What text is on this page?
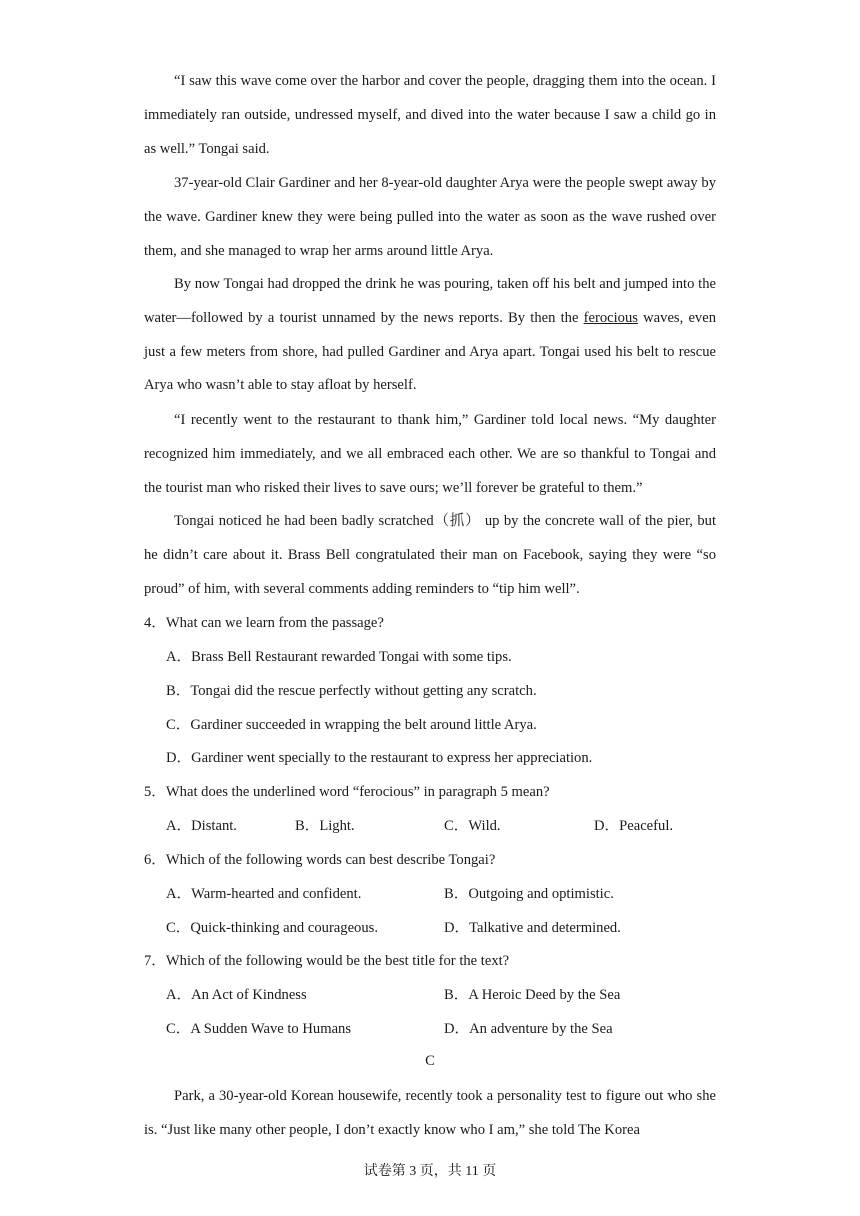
“I saw this wave come over the harbor and cover the people, dragging them into the ocean. I immediately ran outside, undressed myself, and dived into the water because I saw a child go in as well.” Tongai said.

37-year-old Clair Gardiner and her 8-year-old daughter Arya were the people swept away by the wave. Gardiner knew they were being pulled into the water as soon as the wave rushed over them, and she managed to wrap her arms around little Arya.

By now Tongai had dropped the drink he was pouring, taken off his belt and jumped into the water—followed by a tourist unnamed by the news reports. By then the ferocious waves, even just a few meters from shore, had pulled Gardiner and Arya apart. Tongai used his belt to rescue Arya who wasn’t able to stay afloat by herself.

“I recently went to the restaurant to thank him,” Gardiner told local news. “My daughter recognized him immediately, and we all embraced each other. We are so thankful to Tongai and the tourist man who risked their lives to save ours; we’ll forever be grateful to them.”

Tongai noticed he had been badly scratched（抓） up by the concrete wall of the pier, but he didn’t care about it. Brass Bell congratulated their man on Facebook, saying they were “so proud” of him, with several comments adding reminders to “tip him well”.

4．What can we learn from the passage?
A．Brass Bell Restaurant rewarded Tongai with some tips.
B．Tongai did the rescue perfectly without getting any scratch.
C．Gardiner succeeded in wrapping the belt around little Arya.
D．Gardiner went specially to the restaurant to express her appreciation.
5．What does the underlined word “ferocious” in paragraph 5 mean?
A．Distant.	B．Light.	C．Wild.	D．Peaceful.
6．Which of the following words can best describe Tongai?
A．Warm-hearted and confident.	B．Outgoing and optimistic.
C．Quick-thinking and courageous.	D．Talkative and determined.
7．Which of the following would be the best title for the text?
A．An Act of Kindness	B．A Heroic Deed by the Sea
C．A Sudden Wave to Humans	D．An adventure by the Sea
C

Park, a 30-year-old Korean housewife, recently took a personality test to figure out who she is. “Just like many other people, I don’t exactly know who I am,” she told The Korea

试卷第 3 页，共 11 页
